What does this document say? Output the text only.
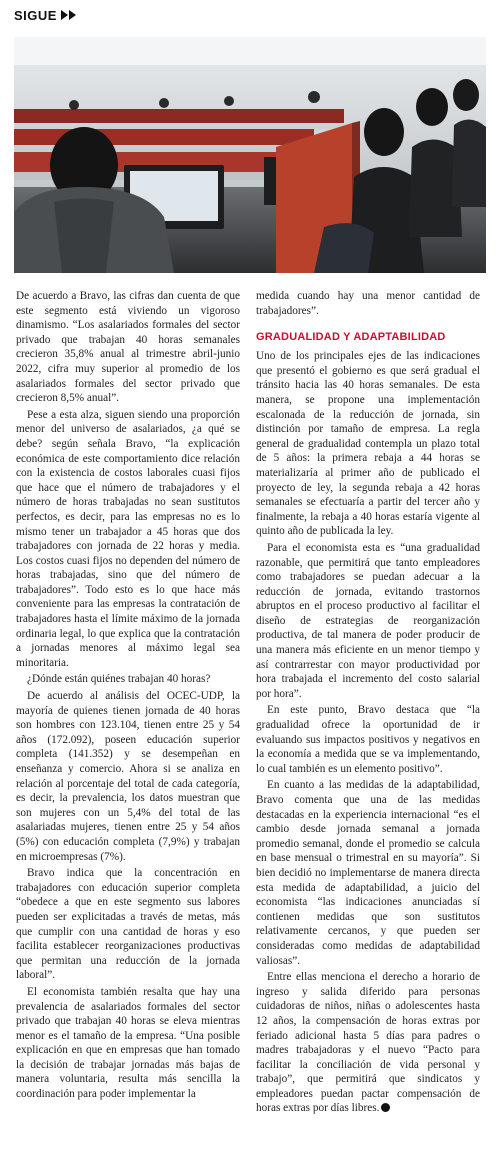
SIGUE

De acuerdo a Bravo, las cifras dan cuenta de que este segmento está viviendo un vigoroso dinamismo. “Los asalariados formales del sector privado que trabajan 40 horas semanales crecieron 35,8% anual al trimestre abril-junio 2022, cifra muy superior al promedio de los asalariados formales del sector privado que crecieron 8,5% anual”.

Pese a esta alza, siguen siendo una proporción menor del universo de asalariados, ¿a qué se debe? según señala Bravo, “la explicación económica de este comportamiento dice relación con la existencia de costos laborales cuasi fijos que hace que el número de trabajadores y el número de horas trabajadas no sean sustitutos perfectos, es decir, para las empresas no es lo mismo tener un trabajador a 45 horas que dos trabajadores con jornada de 22 horas y media. Los costos cuasi fijos no dependen del número de horas trabajadas, sino que del número de trabajadores”. Todo esto es lo que hace más conveniente para las empresas la contratación de trabajadores hasta el límite máximo de la jornada ordinaria legal, lo que explica que la contratación a jornadas menores al máximo legal sea minoritaria.

¿Dónde están quiénes trabajan 40 horas?

De acuerdo al análisis del OCEC-UDP, la mayoría de quienes tienen jornada de 40 horas son hombres con 123.104, tienen entre 25 y 54 años (172.092), poseen educación superior completa (141.352) y se desempeñan en enseñanza y comercio. Ahora si se analiza en relación al porcentaje del total de cada categoría, es decir, la prevalencia, los datos muestran que son mujeres con un 5,4% del total de las asalariadas mujeres, tienen entre 25 y 54 años (5%) con educación completa (7,9%) y trabajan en microempresas (7%).

Bravo indica que la concentración en trabajadores con educación superior completa “obedece a que en este segmento sus labores pueden ser explicitadas a través de metas, más que cumplir con una cantidad de horas y eso facilita establecer reorganizaciones productivas que permitan una reducción de la jornada laboral”.

El economista también resalta que hay una prevalencia de asalariados formales del sector privado que trabajan 40 horas se eleva mientras menor es el tamaño de la empresa. “Una posible explicación en que en empresas que han tomado la decisión de trabajar jornadas más bajas de manera voluntaria, resulta más sencilla la coordinación para poder implementar la

medida cuando hay una menor cantidad de trabajadores”.

GRADUALIDAD Y ADAPTABILIDAD

Uno de los principales ejes de las indicaciones que presentó el gobierno es que será gradual el tránsito hacia las 40 horas semanales. De esta manera, se propone una implementación escalonada de la reducción de jornada, sin distinción por tamaño de empresa. La regla general de gradualidad contempla un plazo total de 5 años: la primera rebaja a 44 horas se materializaría al primer año de publicado el proyecto de ley, la segunda rebaja a 42 horas semanales se efectuaría a partir del tercer año y finalmente, la rebaja a 40 horas estaría vigente al quinto año de publicada la ley.

Para el economista esta es “una gradualidad razonable, que permitirá que tanto empleadores como trabajadores se puedan adecuar a la reducción de jornada, evitando trastornos abruptos en el proceso productivo al facilitar el diseño de estrategias de reorganización productiva, de tal manera de poder producir de una manera más eficiente en un menor tiempo y así contrarrestar con mayor productividad por hora trabajada el incremento del costo salarial por hora”.

En este punto, Bravo destaca que “la gradualidad ofrece la oportunidad de ir evaluando sus impactos positivos y negativos en la economía a medida que se va implementando, lo cual también es un elemento positivo”.

En cuanto a las medidas de la adaptabilidad, Bravo comenta que una de las medidas destacadas en la experiencia internacional “es el cambio desde jornada semanal a jornada promedio semanal, donde el promedio se calcula en base mensual o trimestral en su mayoría”. Si bien decidió no implementarse de manera directa esta medida de adaptabilidad, a juicio del economista “las indicaciones anunciadas sí contienen medidas que son sustitutos relativamente cercanos, y que pueden ser consideradas como medidas de adaptabilidad valiosas”.

Entre ellas menciona el derecho a horario de ingreso y salida diferido para personas cuidadoras de niños, niñas o adolescentes hasta 12 años, la compensación de horas extras por feriado adicional hasta 5 días para padres o madres trabajadoras y el nuevo “Pacto para facilitar la conciliación de vida personal y trabajo”, que permitirá que sindicatos y empleadores puedan pactar compensación de horas extras por días libres.
